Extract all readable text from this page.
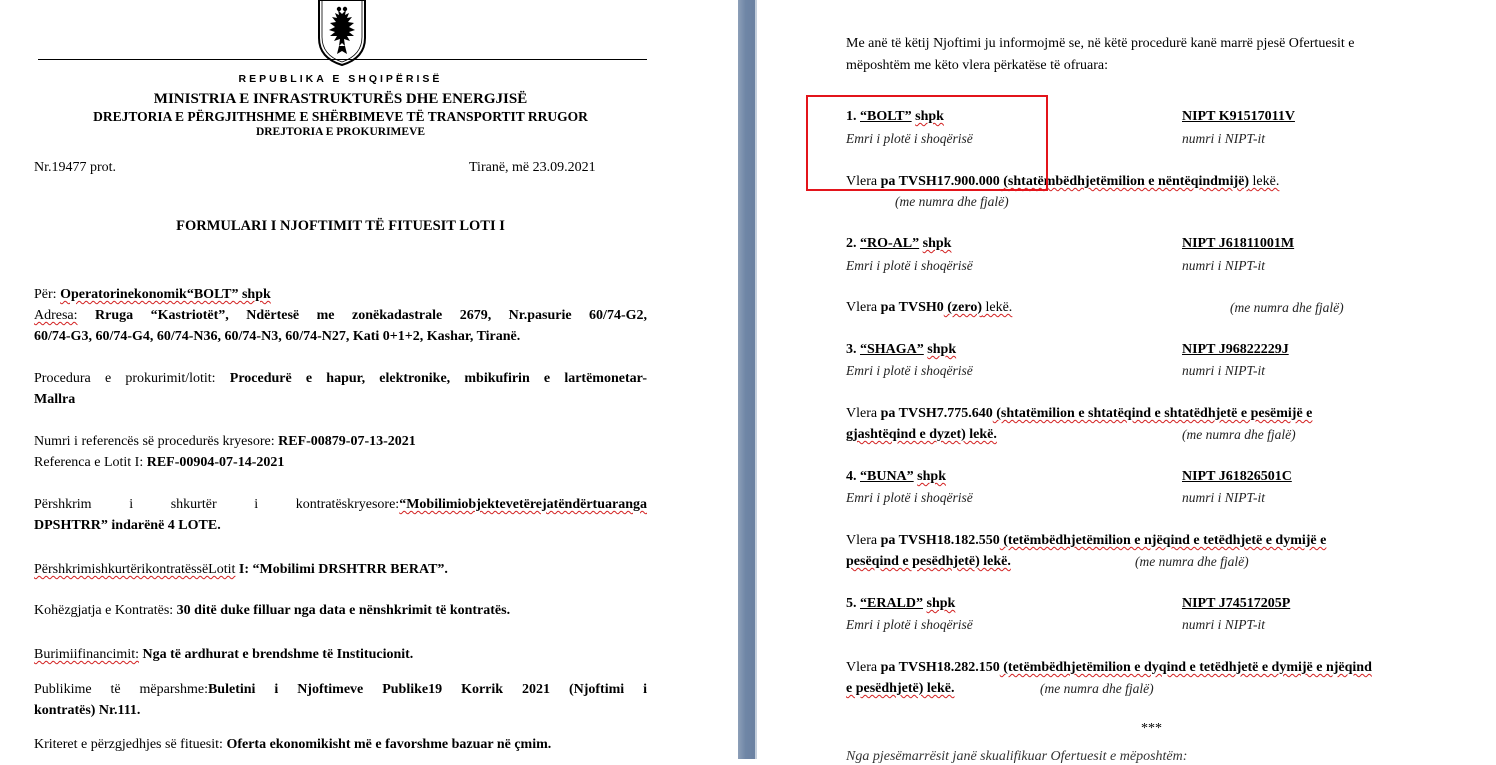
REPUBLIKA E SHQIPËRISË
MINISTRIA E INFRASTRUKTURËS DHE ENERGJISË
DREJTORIA E PËRGJITHSHME E SHËRBIMEVE TË TRANSPORTIT RRUGOR
DREJTORIA E PROKURIMEVE
Nr.19477 prot.	Tiranë, më 23.09.2021
FORMULARI I NJOFTIMIT TË FITUESIT LOTI I
Për: Operatorinekonomik“BOLT” shpk
Adresa: Rruga “Kastriotët”, Ndërtesë me zonëkadastrale 2679, Nr.pasurie 60/74-G2,
60/74-G3, 60/74-G4, 60/74-N36, 60/74-N3, 60/74-N27, Kati 0+1+2, Kashar, Tiranë.
Procedura e prokurimit/lotit: Procedurë e hapur, elektronike, mbikufirin e lartëmonetar-
Mallra
Numri i referencës së procedurës kryesore: REF-00879-07-13-2021
Referenca e Lotit I: REF-00904-07-14-2021
Përshkrim i shkurtër i kontratëskryesore:“Mobilimiobjektevetërejatëndërtuaranga
DPSHTRR” indarënë 4 LOTE.
PërshkrimishkurtërikontratëssëLotit I: “Mobilimi DRSHTRR BERAT”.
Kohëzgjatja e Kontratës: 30 ditë duke filluar nga data e nënshkrimit të kontratës.
Burimiifinancimit: Nga të ardhurat e brendshme të Institucionit.
Publikime të mëparshme:Buletini i Njoftimeve Publike19 Korrik 2021 (Njoftimi i
kontratës) Nr.111.
Kriteret e përzgjedhjes së fituesit: Oferta ekonomikisht më e favorshme bazuar në çmim.
Me anë të këtij Njoftimi ju informojmë se, në këtë procedurë kanë marrë pjesë Ofertuesit e
mëposhtëm me këto vlera përkatëse të ofruara:
1. “BOLT” shpk	NIPT K91517011V
Emri i plotë i shoqërisë	numri i NIPT-it
Vlera pa TVSH17.900.000 (shtatëmbëdhjetëmilion e nëntëqindmijë) lekë.
(me numra dhe fjalë)
2. “RO-AL” shpk	NIPT J61811001M
Emri i plotë i shoqërisë	numri i NIPT-it
Vlera pa TVSH0 (zero) lekë.	(me numra dhe fjalë)
3. “SHAGA” shpk	NIPT J96822229J
Emri i plotë i shoqërisë	numri i NIPT-it
Vlera pa TVSH7.775.640 (shtatëmilion e shtatëqind e shtatëdhjetë e pesëmijë e
gjashtëqind e dyzet) lekë.	(me numra dhe fjalë)
4. “BUNA” shpk	NIPT J61826501C
Emri i plotë i shoqërisë	numri i NIPT-it
Vlera pa TVSH18.182.550 (tetëmbëdhjetëmilion e njëqind e tetëdhjetë e dymijë e
pesëqind e pesëdhjetë) lekë.	(me numra dhe fjalë)
5. “ERALD” shpk	NIPT J74517205P
Emri i plotë i shoqërisë	numri i NIPT-it
Vlera pa TVSH18.282.150 (tetëmbëdhjetëmilion e dyqind e tetëdhjetë e dymijë e njëqind
e pesëdhjetë) lekë.	(me numra dhe fjalë)
***
Nga pjesëmarrësit janë skualifikuar Ofertuesit e mëposhtëm:
